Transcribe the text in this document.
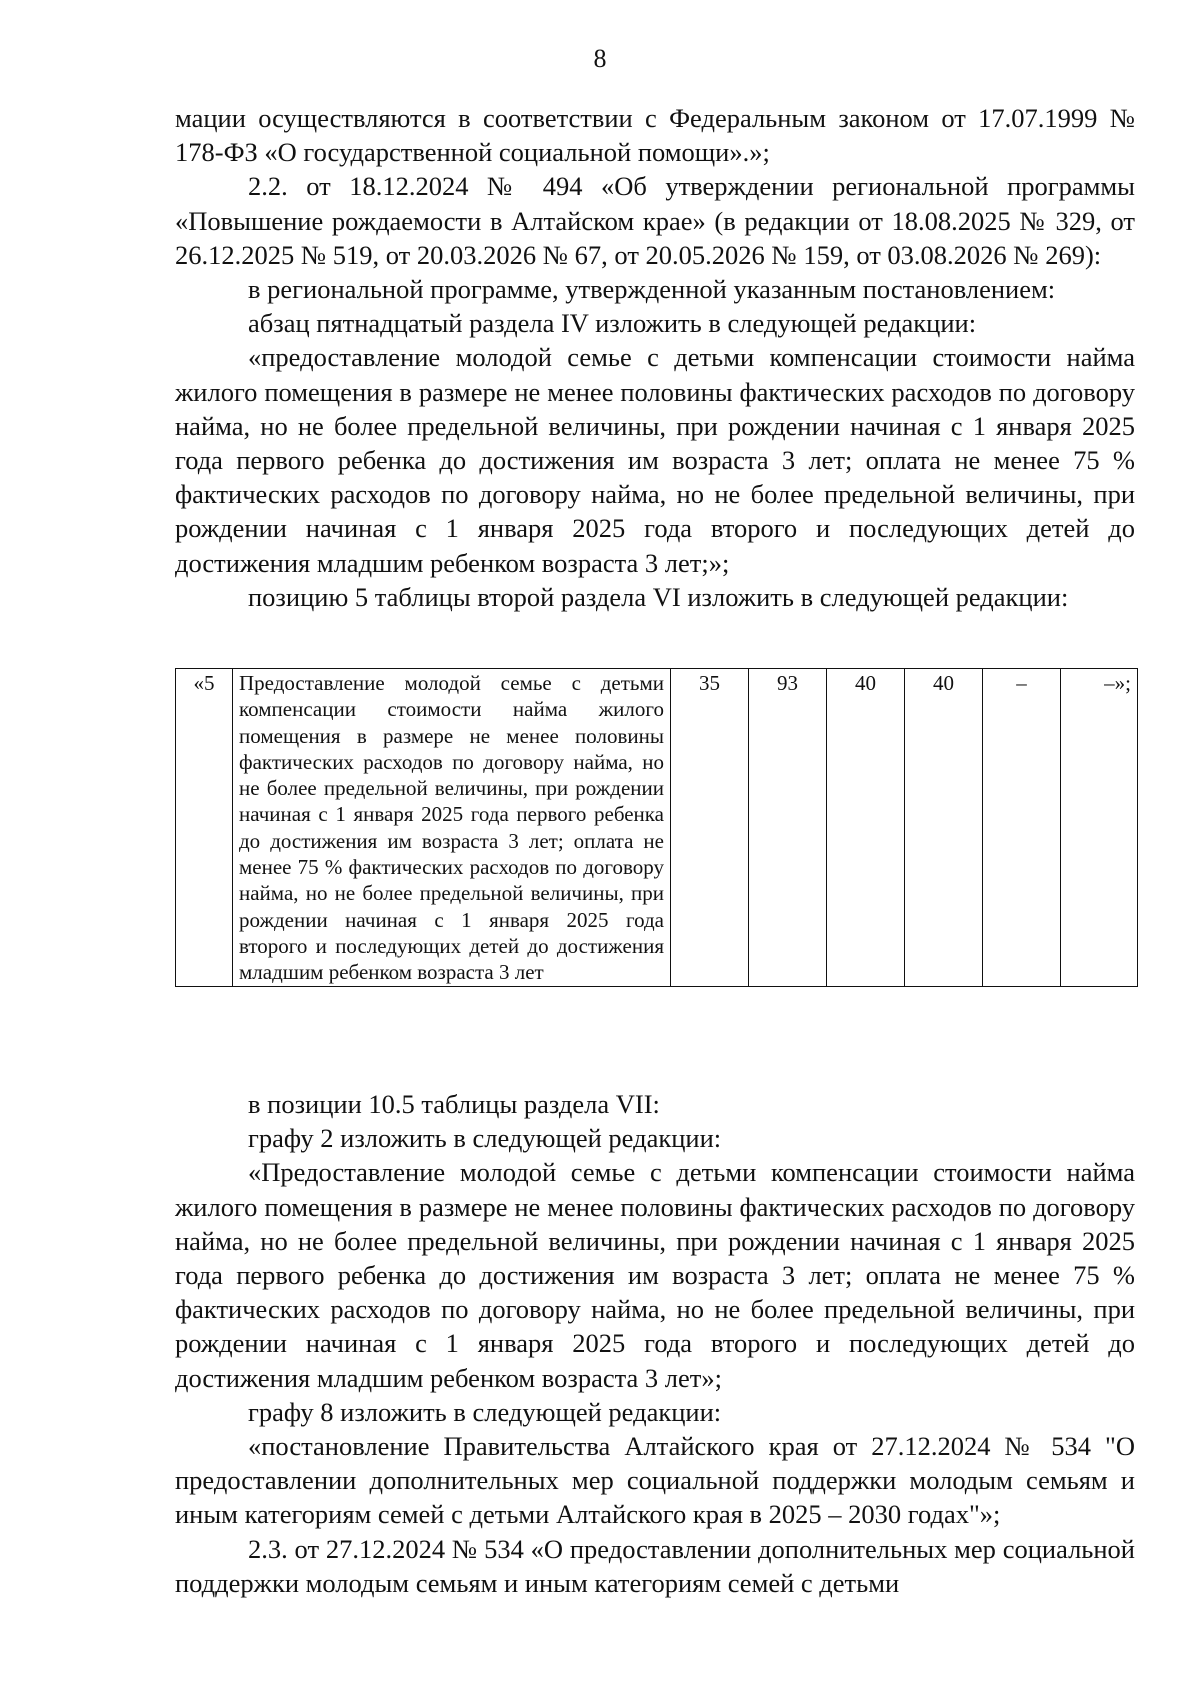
8

мации осуществляются в соответствии с Федеральным законом от 17.07.1999 № 178-ФЗ «О государственной социальной помощи».»;

2.2. от 18.12.2024 № 494 «Об утверждении региональной программы «Повышение рождаемости в Алтайском крае» (в редакции от 18.08.2025 № 329, от 26.12.2025 № 519, от 20.03.2026 № 67, от 20.05.2026 № 159, от 03.08.2026 № 269):

в региональной программе, утвержденной указанным постановлением:

абзац пятнадцатый раздела IV изложить в следующей редакции:

«предоставление молодой семье с детьми компенсации стоимости найма жилого помещения в размере не менее половины фактических расходов по договору найма, но не более предельной величины, при рождении начиная с 1 января 2025 года первого ребенка до достижения им возраста 3 лет; оплата не менее 75 % фактических расходов по договору найма, но не более предельной величины, при рождении начиная с 1 января 2025 года второго и последующих детей до достижения младшим ребенком возраста 3 лет;»;

позицию 5 таблицы второй раздела VI изложить в следующей редакции:

«5	Предоставление молодой семье с детьми компенсации стоимости найма жилого помещения в размере не менее половины фактических расходов по договору найма, но не более предельной величины, при рождении начиная с 1 января 2025 года первого ребенка до достижения им возраста 3 лет; оплата не менее 75 % фактических расходов по договору найма, но не более предельной величины, при рождении начиная с 1 января 2025 года второго и последующих детей до достижения младшим ребенком возраста 3 лет	35	93	40	40	–	–»;

в позиции 10.5 таблицы раздела VII:

графу 2 изложить в следующей редакции:

«Предоставление молодой семье с детьми компенсации стоимости найма жилого помещения в размере не менее половины фактических расходов по договору найма, но не более предельной величины, при рождении начиная с 1 января 2025 года первого ребенка до достижения им возраста 3 лет; оплата не менее 75 % фактических расходов по договору найма, но не более предельной величины, при рождении начиная с 1 января 2025 года второго и последующих детей до достижения младшим ребенком возраста 3 лет»;

графу 8 изложить в следующей редакции:

«постановление Правительства Алтайского края от 27.12.2024 № 534 "О предоставлении дополнительных мер социальной поддержки молодым семьям и иным категориям семей с детьми Алтайского края в 2025 – 2030 годах"»;

2.3. от 27.12.2024 № 534 «О предоставлении дополнительных мер социальной поддержки молодым семьям и иным категориям семей с детьми
